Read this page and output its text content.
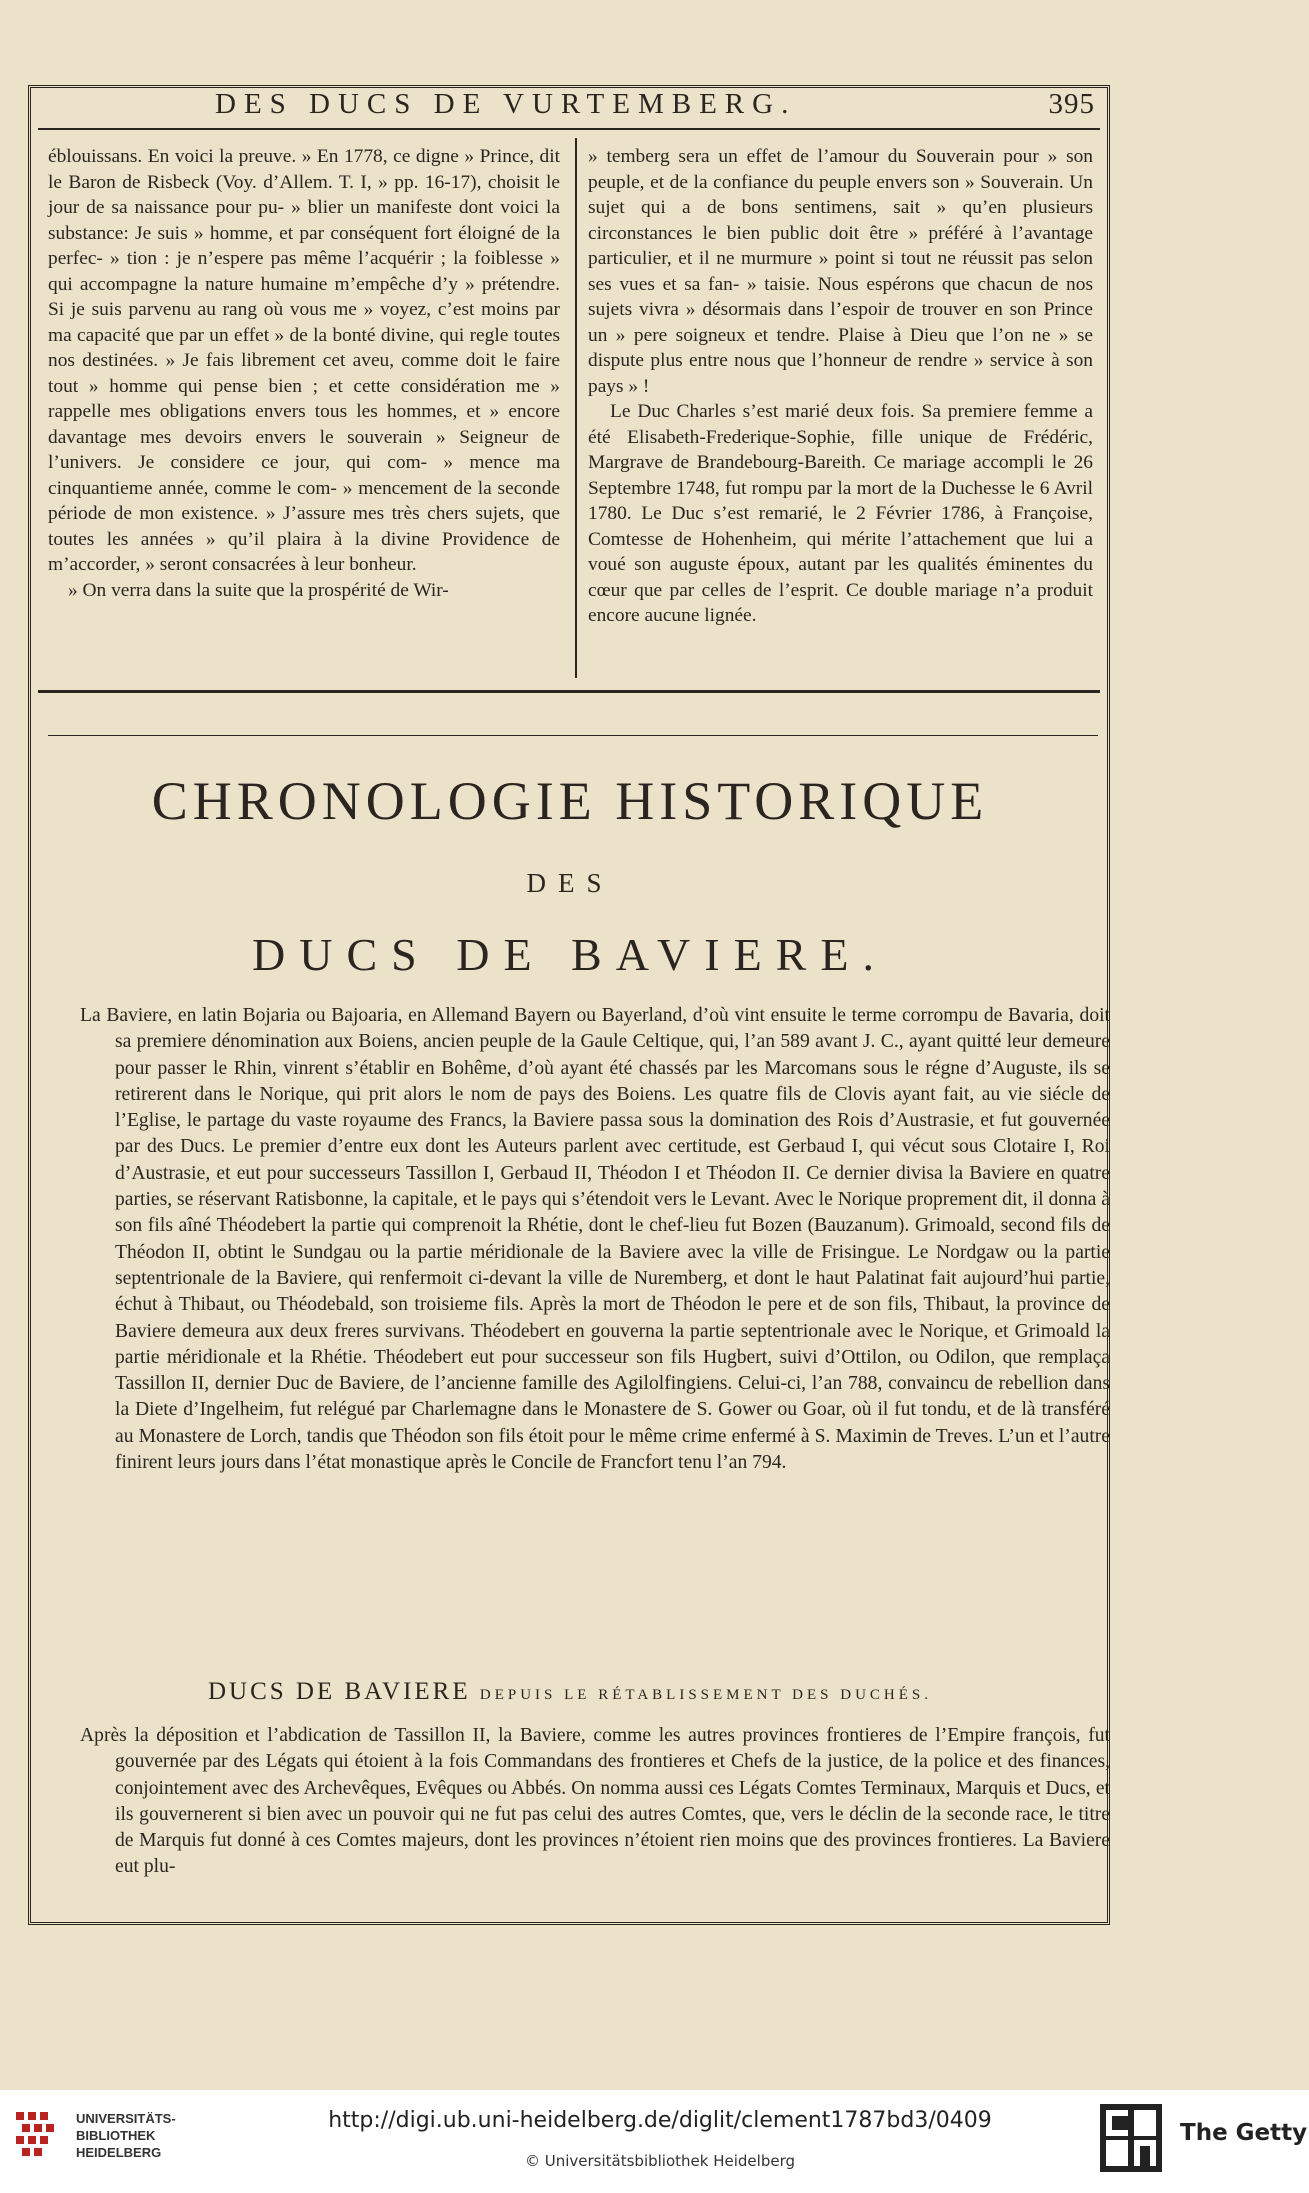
DES DUCS DE VURTEMBERG.	395

éblouissans. En voici la preuve. » En 1778, ce digne » Prince, dit le Baron de Risbeck (Voy. d’Allem. T. I, » pp. 16-17), choisit le jour de sa naissance pour pu- » blier un manifeste dont voici la substance: Je suis » homme, et par conséquent fort éloigné de la perfec- » tion : je n’espere pas même l’acquérir ; la foiblesse » qui accompagne la nature humaine m’empêche d’y » prétendre. Si je suis parvenu au rang où vous me » voyez, c’est moins par ma capacité que par un effet » de la bonté divine, qui regle toutes nos destinées. » Je fais librement cet aveu, comme doit le faire tout » homme qui pense bien ; et cette considération me » rappelle mes obligations envers tous les hommes, et » encore davantage mes devoirs envers le souverain » Seigneur de l’univers. Je considere ce jour, qui com- » mence ma cinquantieme année, comme le com- » mencement de la seconde période de mon existence. » J’assure mes très chers sujets, que toutes les années » qu’il plaira à la divine Providence de m’accorder, » seront consacrées à leur bonheur.

» On verra dans la suite que la prospérité de Wir-

» temberg sera un effet de l’amour du Souverain pour » son peuple, et de la confiance du peuple envers son » Souverain. Un sujet qui a de bons sentimens, sait » qu’en plusieurs circonstances le bien public doit être » préféré à l’avantage particulier, et il ne murmure » point si tout ne réussit pas selon ses vues et sa fan- » taisie. Nous espérons que chacun de nos sujets vivra » désormais dans l’espoir de trouver en son Prince un » pere soigneux et tendre. Plaise à Dieu que l’on ne » se dispute plus entre nous que l’honneur de rendre » service à son pays » !

Le Duc Charles s’est marié deux fois. Sa premiere femme a été Elisabeth-Frederique-Sophie, fille unique de Frédéric, Margrave de Brandebourg-Bareith. Ce mariage accompli le 26 Septembre 1748, fut rompu par la mort de la Duchesse le 6 Avril 1780. Le Duc s’est remarié, le 2 Février 1786, à Françoise, Comtesse de Hohenheim, qui mérite l’attachement que lui a voué son auguste époux, autant par les qualités éminentes du cœur que par celles de l’esprit. Ce double mariage n’a produit encore aucune lignée.

CHRONOLOGIE HISTORIQUE
DES
DUCS DE BAVIERE.

La Baviere, en latin Bojaria ou Bajoaria, en Allemand Bayern ou Bayerland, d’où vint ensuite le terme corrompu de Bavaria, doit sa premiere dénomination aux Boiens, ancien peuple de la Gaule Celtique, qui, l’an 589 avant J. C., ayant quitté leur demeure pour passer le Rhin, vinrent s’établir en Bohême, d’où ayant été chassés par les Marcomans sous le régne d’Auguste, ils se retirerent dans le Norique, qui prit alors le nom de pays des Boiens. Les quatre fils de Clovis ayant fait, au vie siécle de l’Eglise, le partage du vaste royaume des Francs, la Baviere passa sous la domination des Rois d’Austrasie, et fut gouvernée par des Ducs. Le premier d’entre eux dont les Auteurs parlent avec certitude, est Gerbaud I, qui vécut sous Clotaire I, Roi d’Austrasie, et eut pour successeurs Tassillon I, Gerbaud II, Théodon I et Théodon II. Ce dernier divisa la Baviere en quatre parties, se réservant Ratisbonne, la capitale, et le pays qui s’étendoit vers le Levant. Avec le Norique proprement dit, il donna à son fils aîné Théodebert la partie qui comprenoit la Rhétie, dont le chef-lieu fut Bozen (Bauzanum). Grimoald, second fils de Théodon II, obtint le Sundgau ou la partie méridionale de la Baviere avec la ville de Frisingue. Le Nordgaw ou la partie septentrionale de la Baviere, qui renfermoit ci-devant la ville de Nuremberg, et dont le haut Palatinat fait aujourd’hui partie, échut à Thibaut, ou Théodebald, son troisieme fils. Après la mort de Théodon le pere et de son fils, Thibaut, la province de Baviere demeura aux deux freres survivans. Théodebert en gouverna la partie septentrionale avec le Norique, et Grimoald la partie méridionale et la Rhétie. Théodebert eut pour successeur son fils Hugbert, suivi d’Ottilon, ou Odilon, que remplaça Tassillon II, dernier Duc de Baviere, de l’ancienne famille des Agilolfingiens. Celui-ci, l’an 788, convaincu de rebellion dans la Diete d’Ingelheim, fut relégué par Charlemagne dans le Monastere de S. Gower ou Goar, où il fut tondu, et de là transféré au Monastere de Lorch, tandis que Théodon son fils étoit pour le même crime enfermé à S. Maximin de Treves. L’un et l’autre finirent leurs jours dans l’état monastique après le Concile de Francfort tenu l’an 794.

DUCS DE BAVIERE DEPUIS LE RÉTABLISSEMENT DES DUCHÉS.

Après la déposition et l’abdication de Tassillon II, la Baviere, comme les autres provinces frontieres de l’Empire françois, fut gouvernée par des Légats qui étoient à la fois Commandans des frontieres et Chefs de la justice, de la police et des finances, conjointement avec des Archevêques, Evêques ou Abbés. On nomma aussi ces Légats Comtes Terminaux, Marquis et Ducs, et ils gouvernerent si bien avec un pouvoir qui ne fut pas celui des autres Comtes, que, vers le déclin de la seconde race, le titre de Marquis fut donné à ces Comtes majeurs, dont les provinces n’étoient rien moins que des provinces frontieres. La Baviere eut plu-

UNIVERSITÄTS-
BIBLIOTHEK
HEIDELBERG
http://digi.ub.uni-heidelberg.de/diglit/clement1787bd3/0409
© Universitätsbibliothek Heidelberg
The Getty
